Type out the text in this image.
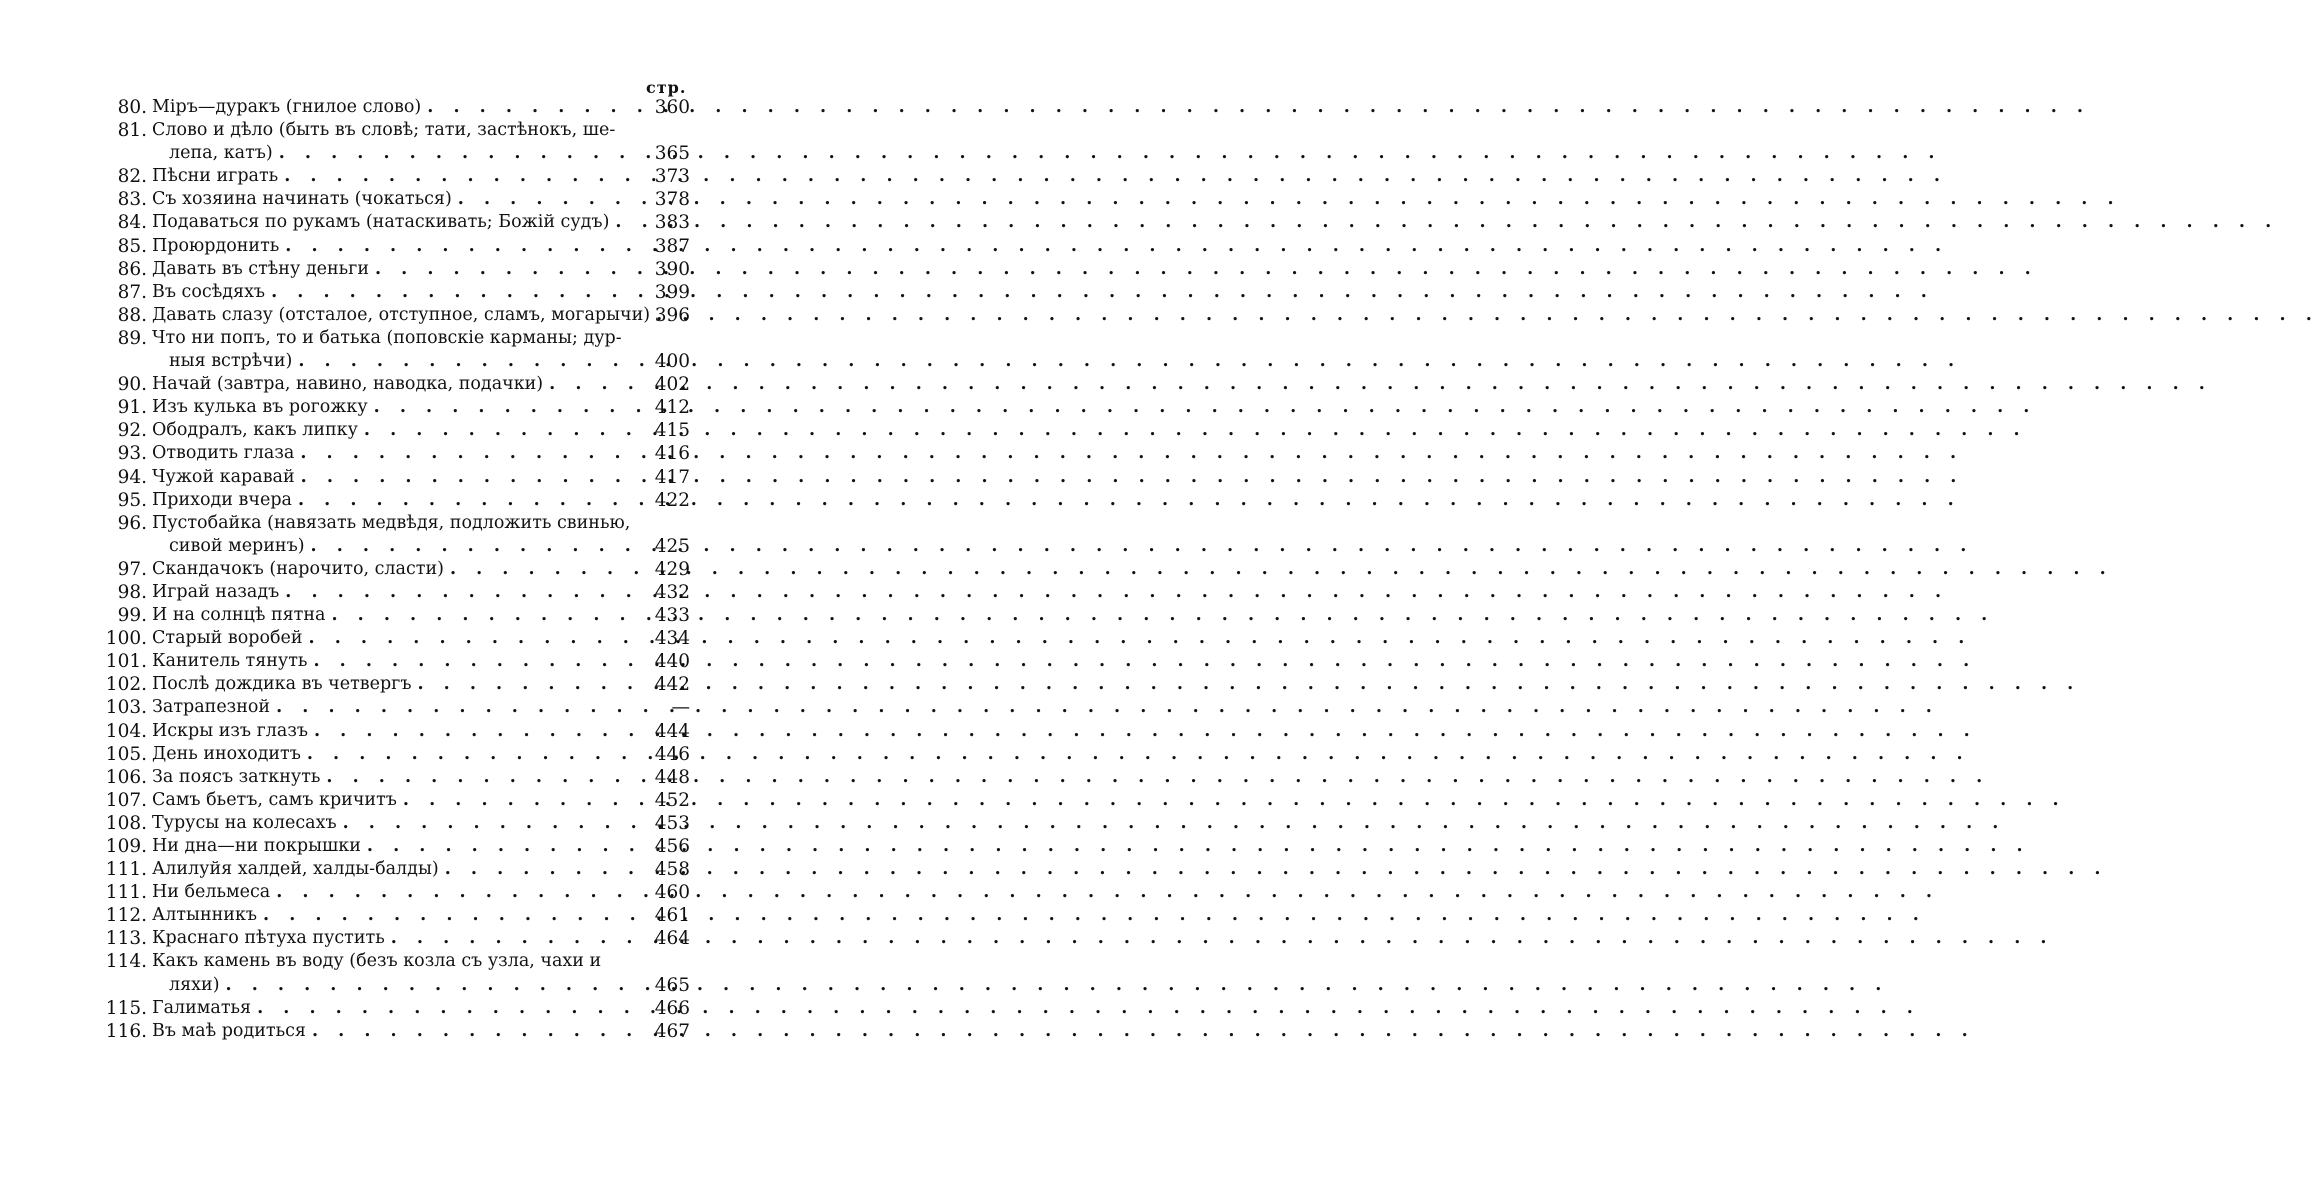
стр.
80. Міръ—дуракъ (гнилое слово) . . .	360
81. Слово и дѣло (быть въ словѣ; тати, застѣнокъ, ше-
лепа, катъ) . . .	365
82. Пѣсни играть . . .	373
83. Съ хозяина начинать (чокаться) . . .	378
84. Подаваться по рукамъ (натаскивать; Божій судъ) . . .	383
85. Проюрдонить . . .	387
86. Давать въ стѣну деньги . . .	390
87. Въ сосѣдяхъ . . .	399
88. Давать слазу (отсталое, отступное, сламъ, могарычи) . . . 396
89. Что ни попъ, то и батька (поповскіе карманы; дур-
ныя встрѣчи) . . .	400
90. Начай (завтра, навино, наводка, подачки) . . .	402
91. Изъ кулька въ рогожку . . .	412
92. Ободралъ, какъ липку . . .	415
93. Отводить глаза . . .	416
94. Чужой каравай . . .	417
95. Приходи вчера . . .	422
96. Пустобайка (навязать медвѣдя, подложить свинью,
сивой меринъ) . . .	425
97. Скандачокъ (нарочито, сласти) . . .	429
98. Играй назадъ . . .	432
99. И на солнцѣ пятна . . .	433
100. Старый воробей . . .	434
101. Канитель тянуть . . .	440
102. Послѣ дождика въ четвергъ . . .	442
103. Затрапезной . . .	—
104. Искры изъ глазъ . . .	444
105. День иноходитъ . . .	446
106. За поясъ заткнуть . . .	448
107. Самъ бьетъ, самъ кричитъ . . .	452
108. Турусы на колесахъ . . .	453
109. Ни дна—ни покрышки . . .	456
111. Алилуйя халдей, халды-балды) . . .	458
111. Ни бельмеса . . .	460
112. Алтынникъ . . .	461
113. Краснаго пѣтуха пустить . . .	464
114. Какъ камень въ воду (безъ козла съ узла, чахи и
ляхи) . . .	465
115. Галиматья . . .	466
116. Въ маѣ родиться . . .	467
